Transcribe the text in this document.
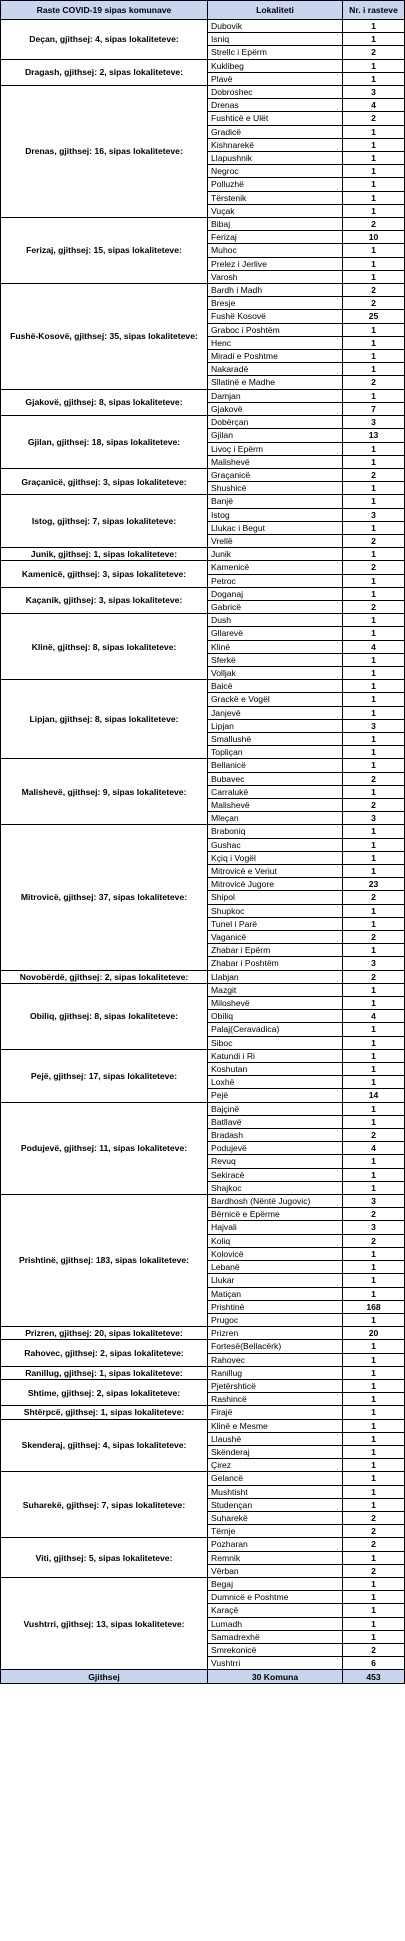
Raste COVID-19 sipas komunave	Lokaliteti	Nr. i rasteve
Deçan, gjithsej: 4, sipas lokaliteteve:	Dubovik	1
	Isniq	1
	Strellc i Epërm	2
Dragash, gjithsej: 2, sipas lokaliteteve:	Kuklibeg	1
	Plavë	1
Drenas, gjithsej: 16, sipas lokaliteteve:	Dobroshec	3
	Drenas	4
	Fushticë e Ulët	2
	Gradicë	1
	Kishnarekë	1
	Llapushnik	1
	Negroc	1
	Polluzhë	1
	Tërstenik	1
	Vuçak	1
Ferizaj, gjithsej: 15, sipas lokaliteteve:	Bibaj	2
	Ferizaj	10
	Muhoc	1
	Prelez i Jerlive	1
	Varosh	1
Fushë-Kosovë, gjithsej: 35, sipas lokaliteteve:	Bardh i Madh	2
	Bresje	2
	Fushë Kosovë	25
	Graboc i Poshtëm	1
	Henc	1
	Miradi e Poshtme	1
	Nakaradë	1
	Sllatinë e Madhe	2
Gjakovë, gjithsej: 8, sipas lokaliteteve:	Damjan	1
	Gjakovë	7
Gjilan, gjithsej: 18, sipas lokaliteteve:	Dobërçan	3
	Gjilan	13
	Livoç i Epërm	1
	Malishevë	1
Graçanicë, gjithsej: 3, sipas lokaliteteve:	Graçanicë	2
	Shushicë	1
Istog, gjithsej: 7, sipas lokaliteteve:	Banjë	1
	Istog	3
	Llukac i Begut	1
	Vrellë	2
Junik, gjithsej: 1, sipas lokaliteteve:	Junik	1
Kamenicë, gjithsej: 3, sipas lokaliteteve:	Kamenicë	2
	Petroc	1
Kaçanik, gjithsej: 3, sipas lokaliteteve:	Doganaj	1
	Gabricë	2
Klinë, gjithsej: 8, sipas lokaliteteve:	Dush	1
	Gllarevë	1
	Klinë	4
	Sferkë	1
	Volljak	1
Lipjan, gjithsej: 8, sipas lokaliteteve:	Baicë	1
	Grackë e Vogël	1
	Janjevë	1
	Lipjan	3
	Smallushë	1
	Topliçan	1
Malishevë, gjithsej: 9, sipas lokaliteteve:	Bellanicë	1
	Bubavec	2
	Carralukë	1
	Malishevë	2
	Mleçan	3
Mitrovicë, gjithsej: 37, sipas lokaliteteve:	Braboniq	1
	Gushac	1
	Kçiq i Vogël	1
	Mitrovicë e Veriut	1
	Mitrovicë Jugore	23
	Shipol	2
	Shupkoc	1
	Tunel i Parë	1
	Vaganicë	2
	Zhabar i Epërm	1
	Zhabar i Poshtëm	3
Novobërdë, gjithsej: 2, sipas lokaliteteve:	Llabjan	2
Obiliq, gjithsej: 8, sipas lokaliteteve:	Mazgit	1
	Miloshevë	1
	Obiliq	4
	Palaj(Ceravadica)	1
	Siboc	1
Pejë, gjithsej: 17, sipas lokaliteteve:	Katundi i Ri	1
	Koshutan	1
	Loxhë	1
	Pejë	14
Podujevë, gjithsej: 11, sipas lokaliteteve:	Bajçinë	1
	Batllavë	1
	Bradash	2
	Podujevë	4
	Revuq	1
	Sekiracë	1
	Shajkoc	1
Prishtinë, gjithsej: 183, sipas lokaliteteve:	Bardhosh (Nëntë Jugovic)	3
	Bërnicë e Epërme	2
	Hajvali	3
	Koliq	2
	Kolovicë	1
	Lebanë	1
	Llukar	1
	Matiçan	1
	Prishtinë	168
	Prugoc	1
Prizren, gjithsej: 20, sipas lokaliteteve:	Prizren	20
Rahovec, gjithsej: 2, sipas lokaliteteve:	Fortesë(Bellacërk)	1
	Rahovec	1
Ranillug, gjithsej: 1, sipas lokaliteteve:	Ranillug	1
Shtime, gjithsej: 2, sipas lokaliteteve:	Pjetërshticë	1
	Rashincë	1
Shtërpcë, gjithsej: 1, sipas lokaliteteve:	Firajë	1
Skenderaj, gjithsej: 4, sipas lokaliteteve:	Klinë e Mesme	1
	Llaushë	1
	Skënderaj	1
	Çirez	1
Suharekë, gjithsej: 7, sipas lokaliteteve:	Gelancë	1
	Mushtisht	1
	Studençan	1
	Suharekë	2
	Tërnje	2
Viti, gjithsej: 5, sipas lokaliteteve:	Pozharan	2
	Remnik	1
	Vërban	2
Vushtrri, gjithsej: 13, sipas lokaliteteve:	Begaj	1
	Dumnicë e Poshtme	1
	Karaçë	1
	Lumadh	1
	Samadrexhë	1
	Smrekonicë	2
	Vushtrri	6
Gjithsej	30 Komuna	453
